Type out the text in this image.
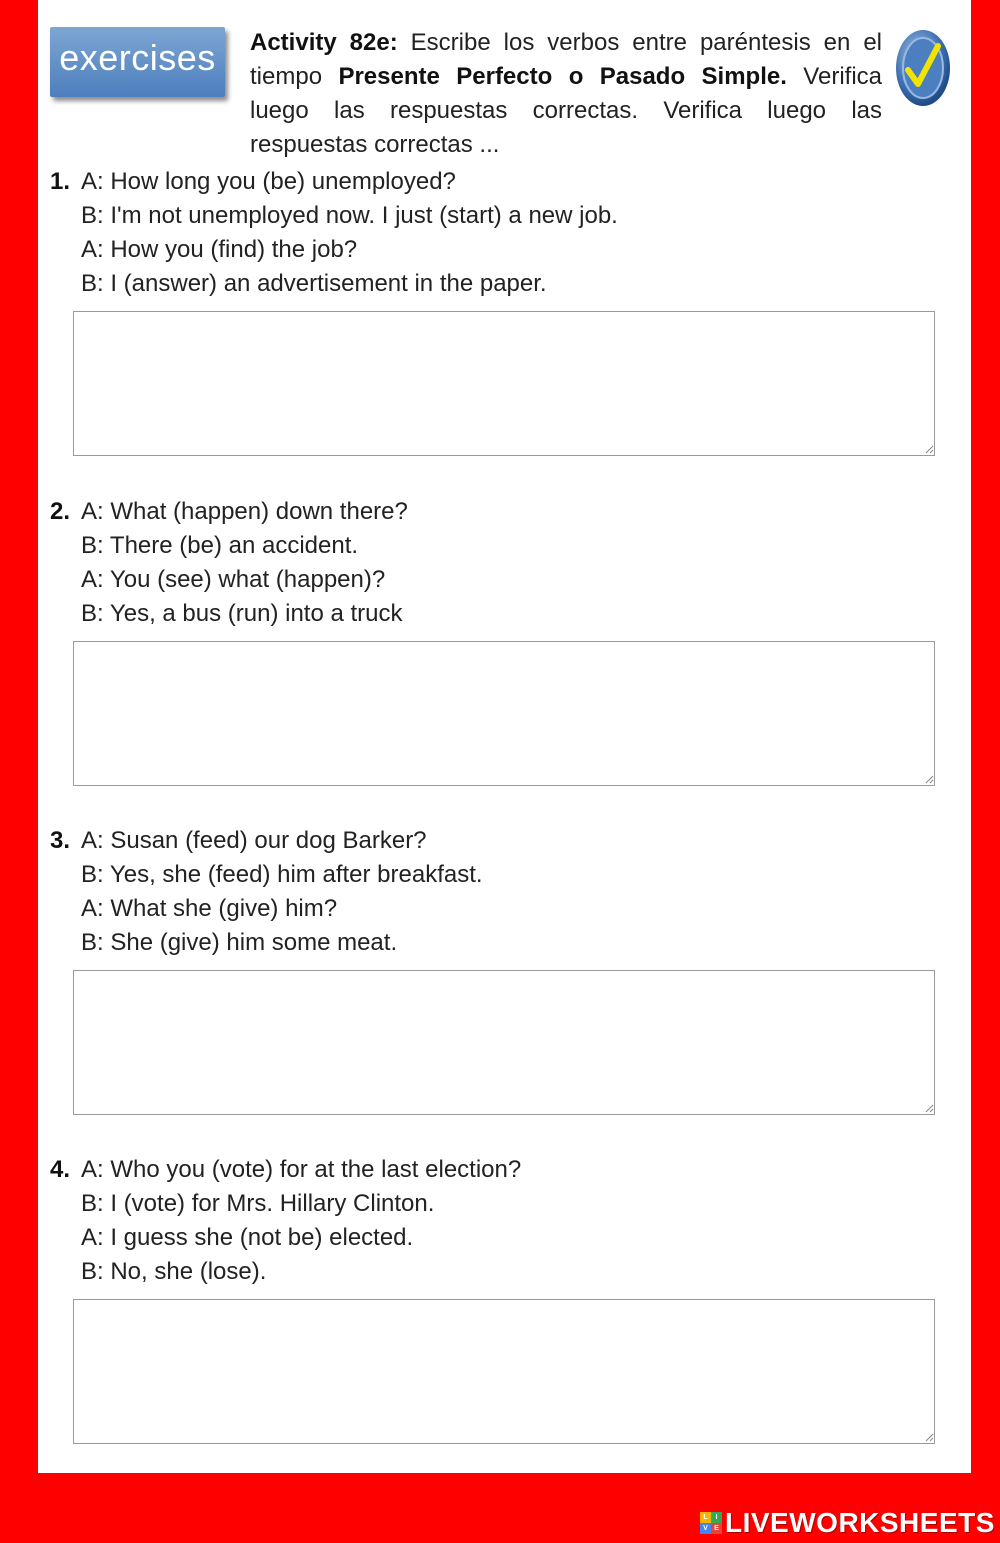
exercises Activity 82e: Escribe los verbos entre paréntesis en el tiempo Presente Perfecto o Pasado Simple. Verifica luego las respuestas correctas. Verifica luego las respuestas correctas ...
1. A: How long you (be) unemployed?
B: I'm not unemployed now. I just (start) a new job.
A: How you (find) the job?
B: I (answer) an advertisement in the paper.
2. A: What (happen) down there?
B: There (be) an accident.
A: You (see) what (happen)?
B: Yes, a bus (run) into a truck
3. A: Susan (feed) our dog Barker?
B: Yes, she (feed) him after breakfast.
A: What she (give) him?
B: She (give) him some meat.
4. A: Who you (vote) for at the last election?
B: I (vote) for Mrs. Hillary Clinton.
A: I guess she (not be) elected.
B: No, she (lose).
L	I
V E LIVEWORKSHEETS
